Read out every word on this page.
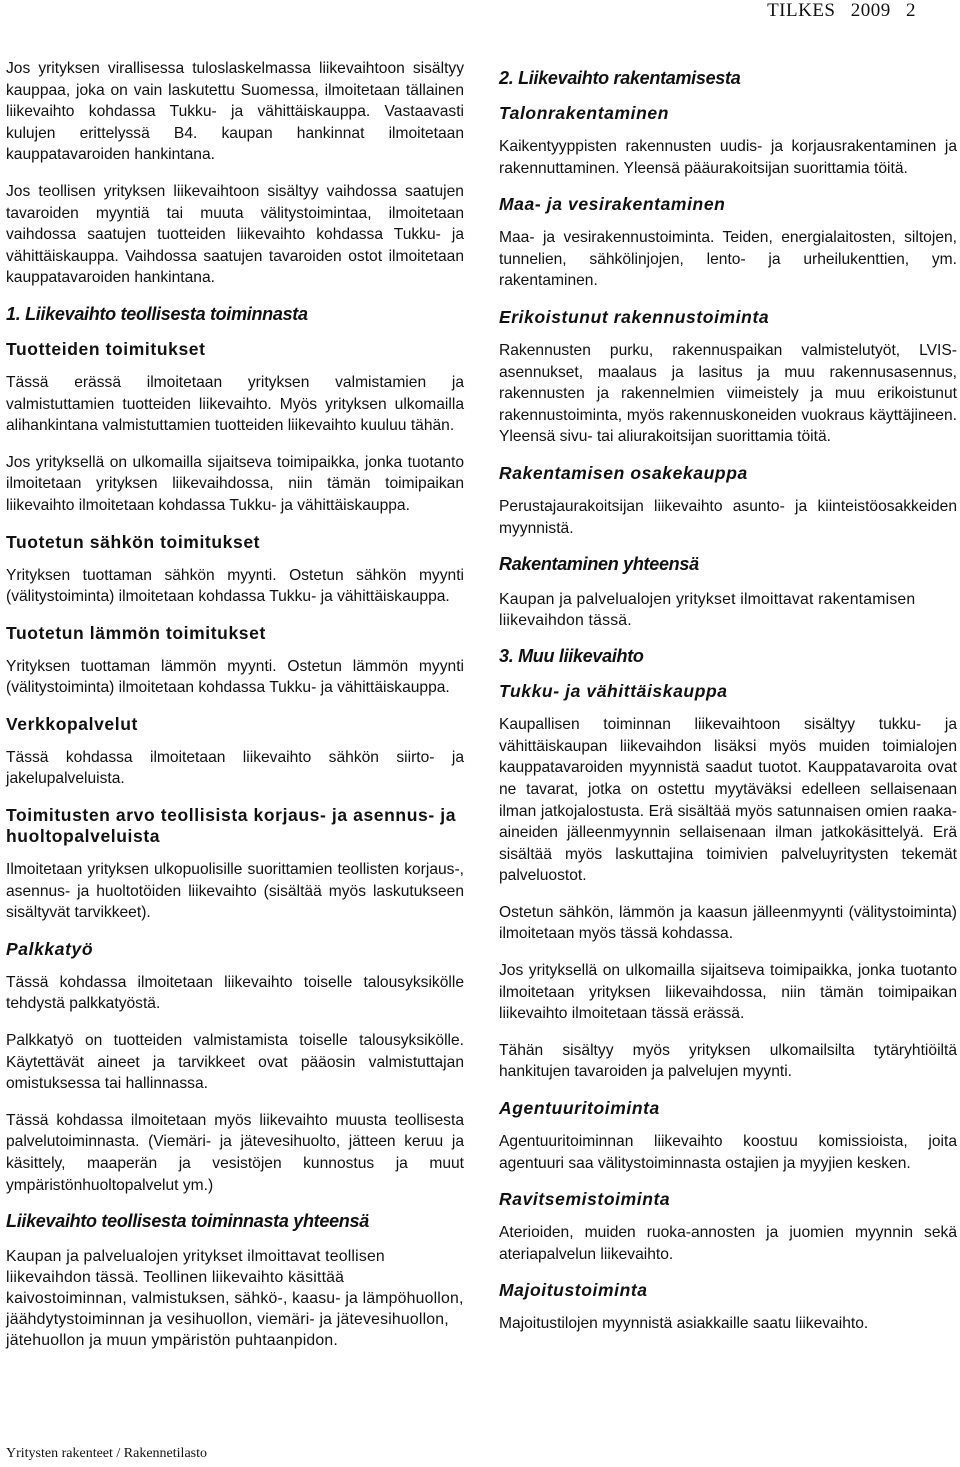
TILKES 2009 2

Jos yrityksen virallisessa tuloslaskelmassa liikevaihtoon sisältyy kauppaa, joka on vain laskutettu Suomessa, ilmoitetaan tällainen liikevaihto kohdassa Tukku- ja vähittäiskauppa. Vastaavasti kulujen erittelyssä B4. kaupan hankinnat ilmoitetaan kauppatavaroiden hankintana.

Jos teollisen yrityksen liikevaihtoon sisältyy vaihdossa saatujen tavaroiden myyntiä tai muuta välitystoimintaa, ilmoitetaan vaihdossa saatujen tuotteiden liikevaihto kohdassa Tukku- ja vähittäiskauppa. Vaihdossa saatujen tavaroiden ostot ilmoitetaan kauppatavaroiden hankintana.

1. Liikevaihto teollisesta toiminnasta
Tuotteiden toimitukset

Tässä erässä ilmoitetaan yrityksen valmistamien ja valmistuttamien tuotteiden liikevaihto. Myös yrityksen ulkomailla alihankintana valmistuttamien tuotteiden liikevaihto kuuluu tähän.

Jos yrityksellä on ulkomailla sijaitseva toimipaikka, jonka tuotanto ilmoitetaan yrityksen liikevaihdossa, niin tämän toimipaikan liikevaihto ilmoitetaan kohdassa Tukku- ja vähittäiskauppa.

Tuotetun sähkön toimitukset

Yrityksen tuottaman sähkön myynti. Ostetun sähkön myynti (välitystoiminta) ilmoitetaan kohdassa Tukku- ja vähittäiskauppa.

Tuotetun lämmön toimitukset

Yrityksen tuottaman lämmön myynti. Ostetun lämmön myynti (välitystoiminta) ilmoitetaan kohdassa Tukku- ja vähittäiskauppa.

Verkkopalvelut

Tässä kohdassa ilmoitetaan liikevaihto sähkön siirto- ja jakelupalveluista.

Toimitusten arvo teollisista korjaus- ja asennus- ja huoltopalveluista

Ilmoitetaan yrityksen ulkopuolisille suorittamien teollisten korjaus-, asennus- ja huoltotöiden liikevaihto (sisältää myös laskutukseen sisältyvät tarvikkeet).

Palkkatyö

Tässä kohdassa ilmoitetaan liikevaihto toiselle talousyksikölle tehdystä palkkatyöstä.

Palkkatyö on tuotteiden valmistamista toiselle talousyksikölle. Käytettävät aineet ja tarvikkeet ovat pääosin valmistuttajan omistuksessa tai hallinnassa.

Tässä kohdassa ilmoitetaan myös liikevaihto muusta teollisesta palvelutoiminnasta. (Viemäri- ja jätevesihuolto, jätteen keruu ja käsittely, maaperän ja vesistöjen kunnostus ja muut ympäristönhuoltopalvelut ym.)

Liikevaihto teollisesta toiminnasta yhteensä

Kaupan ja palvelualojen yritykset ilmoittavat teollisen liikevaihdon tässä. Teollinen liikevaihto käsittää kaivostoiminnan, valmistuksen, sähkö-, kaasu- ja lämpöhuollon, jäähdytystoiminnan ja vesihuollon, viemäri- ja jätevesihuollon, jätehuollon ja muun ympäristön puhtaanpidon.

2. Liikevaihto rakentamisesta
Talonrakentaminen

Kaikentyyppisten rakennusten uudis- ja korjausrakentaminen ja rakennuttaminen. Yleensä pääurakoitsijan suorittamia töitä.

Maa- ja vesirakentaminen

Maa- ja vesirakennustoiminta. Teiden, energialaitosten, siltojen, tunnelien, sähkölinjojen, lento- ja urheilukenttien, ym. rakentaminen.

Erikoistunut rakennustoiminta

Rakennusten purku, rakennuspaikan valmistelutyöt, LVIS-asennukset, maalaus ja lasitus ja muu rakennusasennus, rakennusten ja rakennelmien viimeistely ja muu erikoistunut rakennustoiminta, myös rakennuskoneiden vuokraus käyttäjineen. Yleensä sivu- tai aliurakoitsijan suorittamia töitä.

Rakentamisen osakekauppa

Perustajaurakoitsijan liikevaihto asunto- ja kiinteistöosakkeiden myynnistä.

Rakentaminen yhteensä

Kaupan ja palvelualojen yritykset ilmoittavat rakentamisen liikevaihdon tässä.

3. Muu liikevaihto
Tukku- ja vähittäiskauppa

Kaupallisen toiminnan liikevaihtoon sisältyy tukku- ja vähittäiskaupan liikevaihdon lisäksi myös muiden toimialojen kauppatavaroiden myynnistä saadut tuotot. Kauppatavaroita ovat ne tavarat, jotka on ostettu myytäväksi edelleen sellaisenaan ilman jatkojalostusta. Erä sisältää myös satunnaisen omien raaka-aineiden jälleenmyynnin sellaisenaan ilman jatkokäsittelyä. Erä sisältää myös laskuttajina toimivien palveluyritysten tekemät palveluostot.

Ostetun sähkön, lämmön ja kaasun jälleenmyynti (välitystoiminta) ilmoitetaan myös tässä kohdassa.

Jos yrityksellä on ulkomailla sijaitseva toimipaikka, jonka tuotanto ilmoitetaan yrityksen liikevaihdossa, niin tämän toimipaikan liikevaihto ilmoitetaan tässä erässä.

Tähän sisältyy myös yrityksen ulkomailsilta tytäryhtiöiltä hankitujen tavaroiden ja palvelujen myynti.

Agentuuritoiminta

Agentuuritoiminnan liikevaihto koostuu komissioista, joita agentuuri saa välitystoiminnasta ostajien ja myyjien kesken.

Ravitsemistoiminta

Aterioiden, muiden ruoka-annosten ja juomien myynnin sekä ateriapalvelun liikevaihto.

Majoitustoiminta

Majoitustilojen myynnistä asiakkaille saatu liikevaihto.

Yritysten rakenteet / Rakennetilasto
